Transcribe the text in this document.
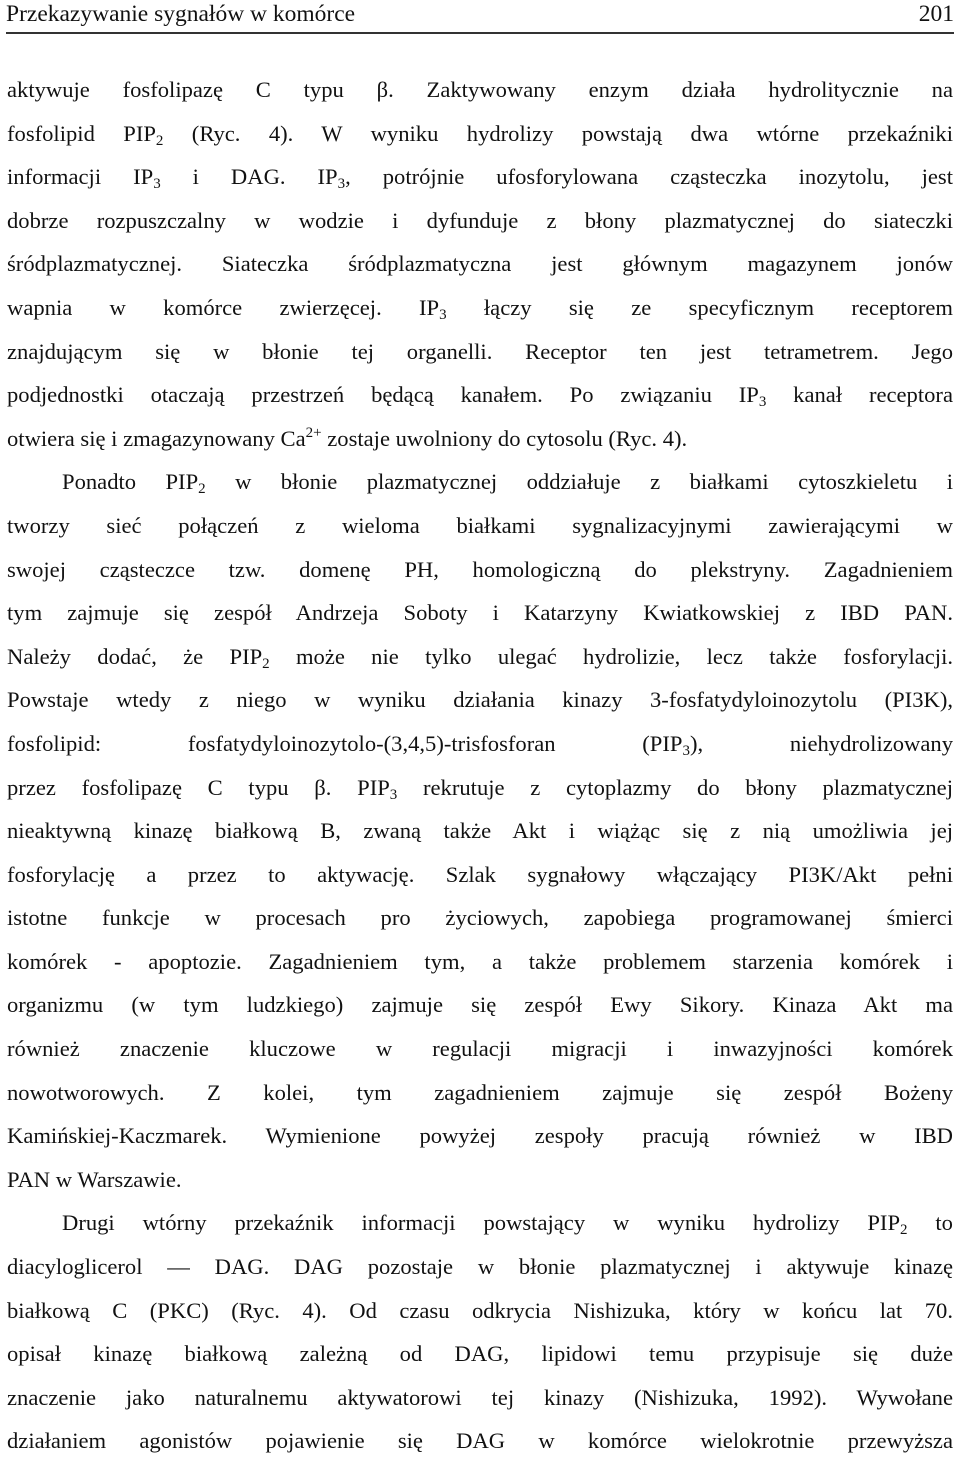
Przekazywanie sygnałów w komórce	201
aktywuje fosfolipazę C typu β. Zaktywowany enzym działa hydrolitycznie na
fosfolipid $PIP_2$ (Ryc. 4). W wyniku hydrolizy powstają dwa wtórne przekaźniki
informacji $IP_3$ i DAG. $IP_3$, potrójnie ufosforylowana cząsteczka inozytolu, jest
dobrze rozpuszczalny w wodzie i dyfunduje z błony plazmatycznej do siateczki
śródplazmatycznej. Siateczka śródplazmatyczna jest głównym magazynem jonów
wapnia w komórce zwierzęcej. $IP_3$ łączy się ze specyficznym receptorem
znajdującym się w błonie tej organelli. Receptor ten jest tetrametrem. Jego
podjednostki otaczają przestrzeń będącą kanałem. Po związaniu $IP_3$ kanał receptora
otwiera się i zmagazynowany $Ca^{2+}$ zostaje uwolniony do cytosolu (Ryc. 4).
Ponadto $PIP_2$ w błonie plazmatycznej oddziałuje z białkami cytoszkieletu i
tworzy sieć połączeń z wieloma białkami sygnalizacyjnymi zawierającymi w
swojej cząsteczce tzw. domenę PH, homologiczną do plekstryny. Zagadnieniem
tym zajmuje się zespół Andrzeja Soboty i Katarzyny Kwiatkowskiej z IBD PAN.
Należy dodać, że $PIP_2$ może nie tylko ulegać hydrolizie, lecz także fosforylacji.
Powstaje wtedy z niego w wyniku działania kinazy 3-fosfatydyloinozytolu (PI3K),
fosfolipid: fosfatydyloinozytolo-(3,4,5)-trisfosforan $(PIP_3)$, niehydrolizowany
przez fosfolipazę C typu β. $PIP_3$ rekrutuje z cytoplazmy do błony plazmatycznej
nieaktywną kinazę białkową B, zwaną także Akt i wiążąc się z nią umożliwia jej
fosforylację a przez to aktywację. Szlak sygnałowy włączający PI3K/Akt pełni
istotne funkcje w procesach pro życiowych, zapobiega programowanej śmierci
komórek - apoptozie. Zagadnieniem tym, a także problemem starzenia komórek i
organizmu (w tym ludzkiego) zajmuje się zespół Ewy Sikory. Kinaza Akt ma
również znaczenie kluczowe w regulacji migracji i inwazyjności komórek
nowotworowych. Z kolei, tym zagadnieniem zajmuje się zespół Bożeny
Kamińskiej-Kaczmarek. Wymienione powyżej zespoły pracują również w IBD
PAN w Warszawie.
Drugi wtórny przekaźnik informacji powstający w wyniku hydrolizy $PIP_2$ to
diacyloglicerol ― DAG. DAG pozostaje w błonie plazmatycznej i aktywuje kinazę
białkową C (PKC) (Ryc. 4). Od czasu odkrycia Nishizuka, który w końcu lat 70.
opisał kinazę białkową zależną od DAG, lipidowi temu przypisuje się duże
znaczenie jako naturalnemu aktywatorowi tej kinazy (Nishizuka, 1992). Wywołane
działaniem agonistów pojawienie się DAG w komórce wielokrotnie przewyższa
